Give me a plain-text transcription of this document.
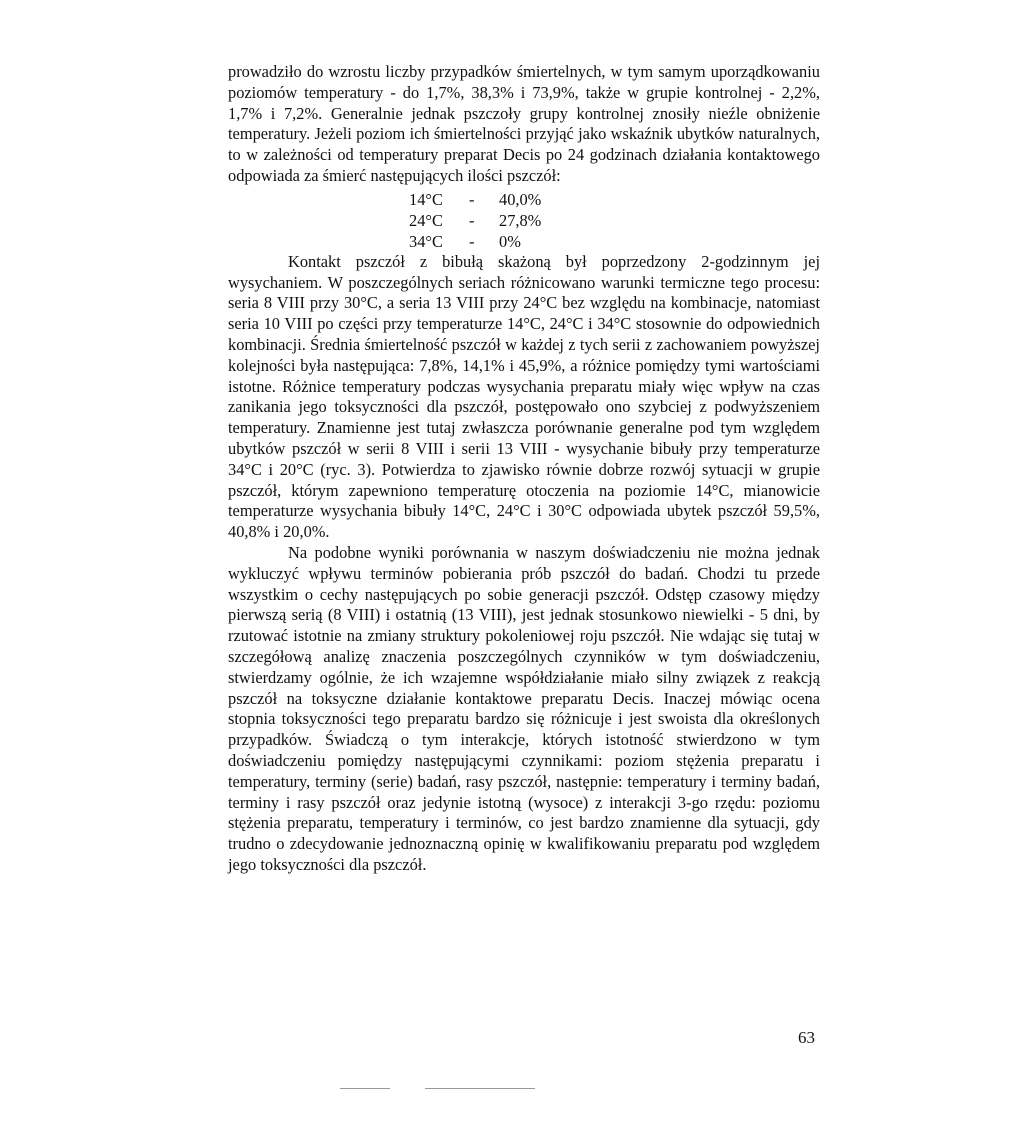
prowadziło do wzrostu liczby przypadków śmiertelnych, w tym samym uporządkowaniu poziomów temperatury - do 1,7%, 38,3% i 73,9%, także w grupie kontrolnej - 2,2%, 1,7% i 7,2%. Generalnie jednak pszczoły grupy kontrolnej znosiły nieźle obniżenie temperatury. Jeżeli poziom ich śmiertelności przyjąć jako wskaźnik ubytków naturalnych, to w zależności od temperatury preparat Decis po 24 godzinach działania kontaktowego odpowiada za śmierć następujących ilości pszczół:

14°C	-	40,0%
24°C	-	27,8%
34°C	-	0%

Kontakt pszczół z bibułą skażoną był poprzedzony 2-godzinnym jej wysychaniem. W poszczególnych seriach różnicowano warunki termiczne tego procesu: seria 8 VIII przy 30°C, a seria 13 VIII przy 24°C bez względu na kombinacje, natomiast seria 10 VIII po części przy temperaturze 14°C, 24°C i 34°C stosownie do odpowiednich kombinacji. Średnia śmiertelność pszczół w każdej z tych serii z zachowaniem powyższej kolejności była następująca: 7,8%, 14,1% i 45,9%, a różnice pomiędzy tymi wartościami istotne. Różnice temperatury podczas wysychania preparatu miały więc wpływ na czas zanikania jego toksyczności dla pszczół, postępowało ono szybciej z podwyższeniem temperatury. Znamienne jest tutaj zwłaszcza porównanie generalne pod tym względem ubytków pszczół w serii 8 VIII i serii 13 VIII - wysychanie bibuły przy temperaturze 34°C i 20°C (ryc. 3). Potwierdza to zjawisko równie dobrze rozwój sytuacji w grupie pszczół, którym zapewniono temperaturę otoczenia na poziomie 14°C, mianowicie temperaturze wysychania bibuły 14°C, 24°C i 30°C odpowiada ubytek pszczół 59,5%, 40,8% i 20,0%.

Na podobne wyniki porównania w naszym doświadczeniu nie można jednak wykluczyć wpływu terminów pobierania prób pszczół do badań. Chodzi tu przede wszystkim o cechy następujących po sobie generacji pszczół. Odstęp czasowy między pierwszą serią (8 VIII) i ostatnią (13 VIII), jest jednak stosunkowo niewielki - 5 dni, by rzutować istotnie na zmiany struktury pokoleniowej roju pszczół. Nie wdając się tutaj w szczegółową analizę znaczenia poszczególnych czynników w tym doświadczeniu, stwierdzamy ogólnie, że ich wzajemne współdziałanie miało silny związek z reakcją pszczół na toksyczne działanie kontaktowe preparatu Decis. Inaczej mówiąc ocena stopnia toksyczności tego preparatu bardzo się różnicuje i jest swoista dla określonych przypadków. Świadczą o tym interakcje, których istotność stwierdzono w tym doświadczeniu pomiędzy następującymi czynnikami: poziom stężenia preparatu i temperatury, terminy (serie) badań, rasy pszczół, następnie: temperatury i terminy badań, terminy i rasy pszczół oraz jedynie istotną (wysoce) z interakcji 3-go rzędu: poziomu stężenia preparatu, temperatury i terminów, co jest bardzo znamienne dla sytuacji, gdy trudno o zdecydowanie jednoznaczną opinię w kwalifikowaniu preparatu pod względem jego toksyczności dla pszczół.

63
